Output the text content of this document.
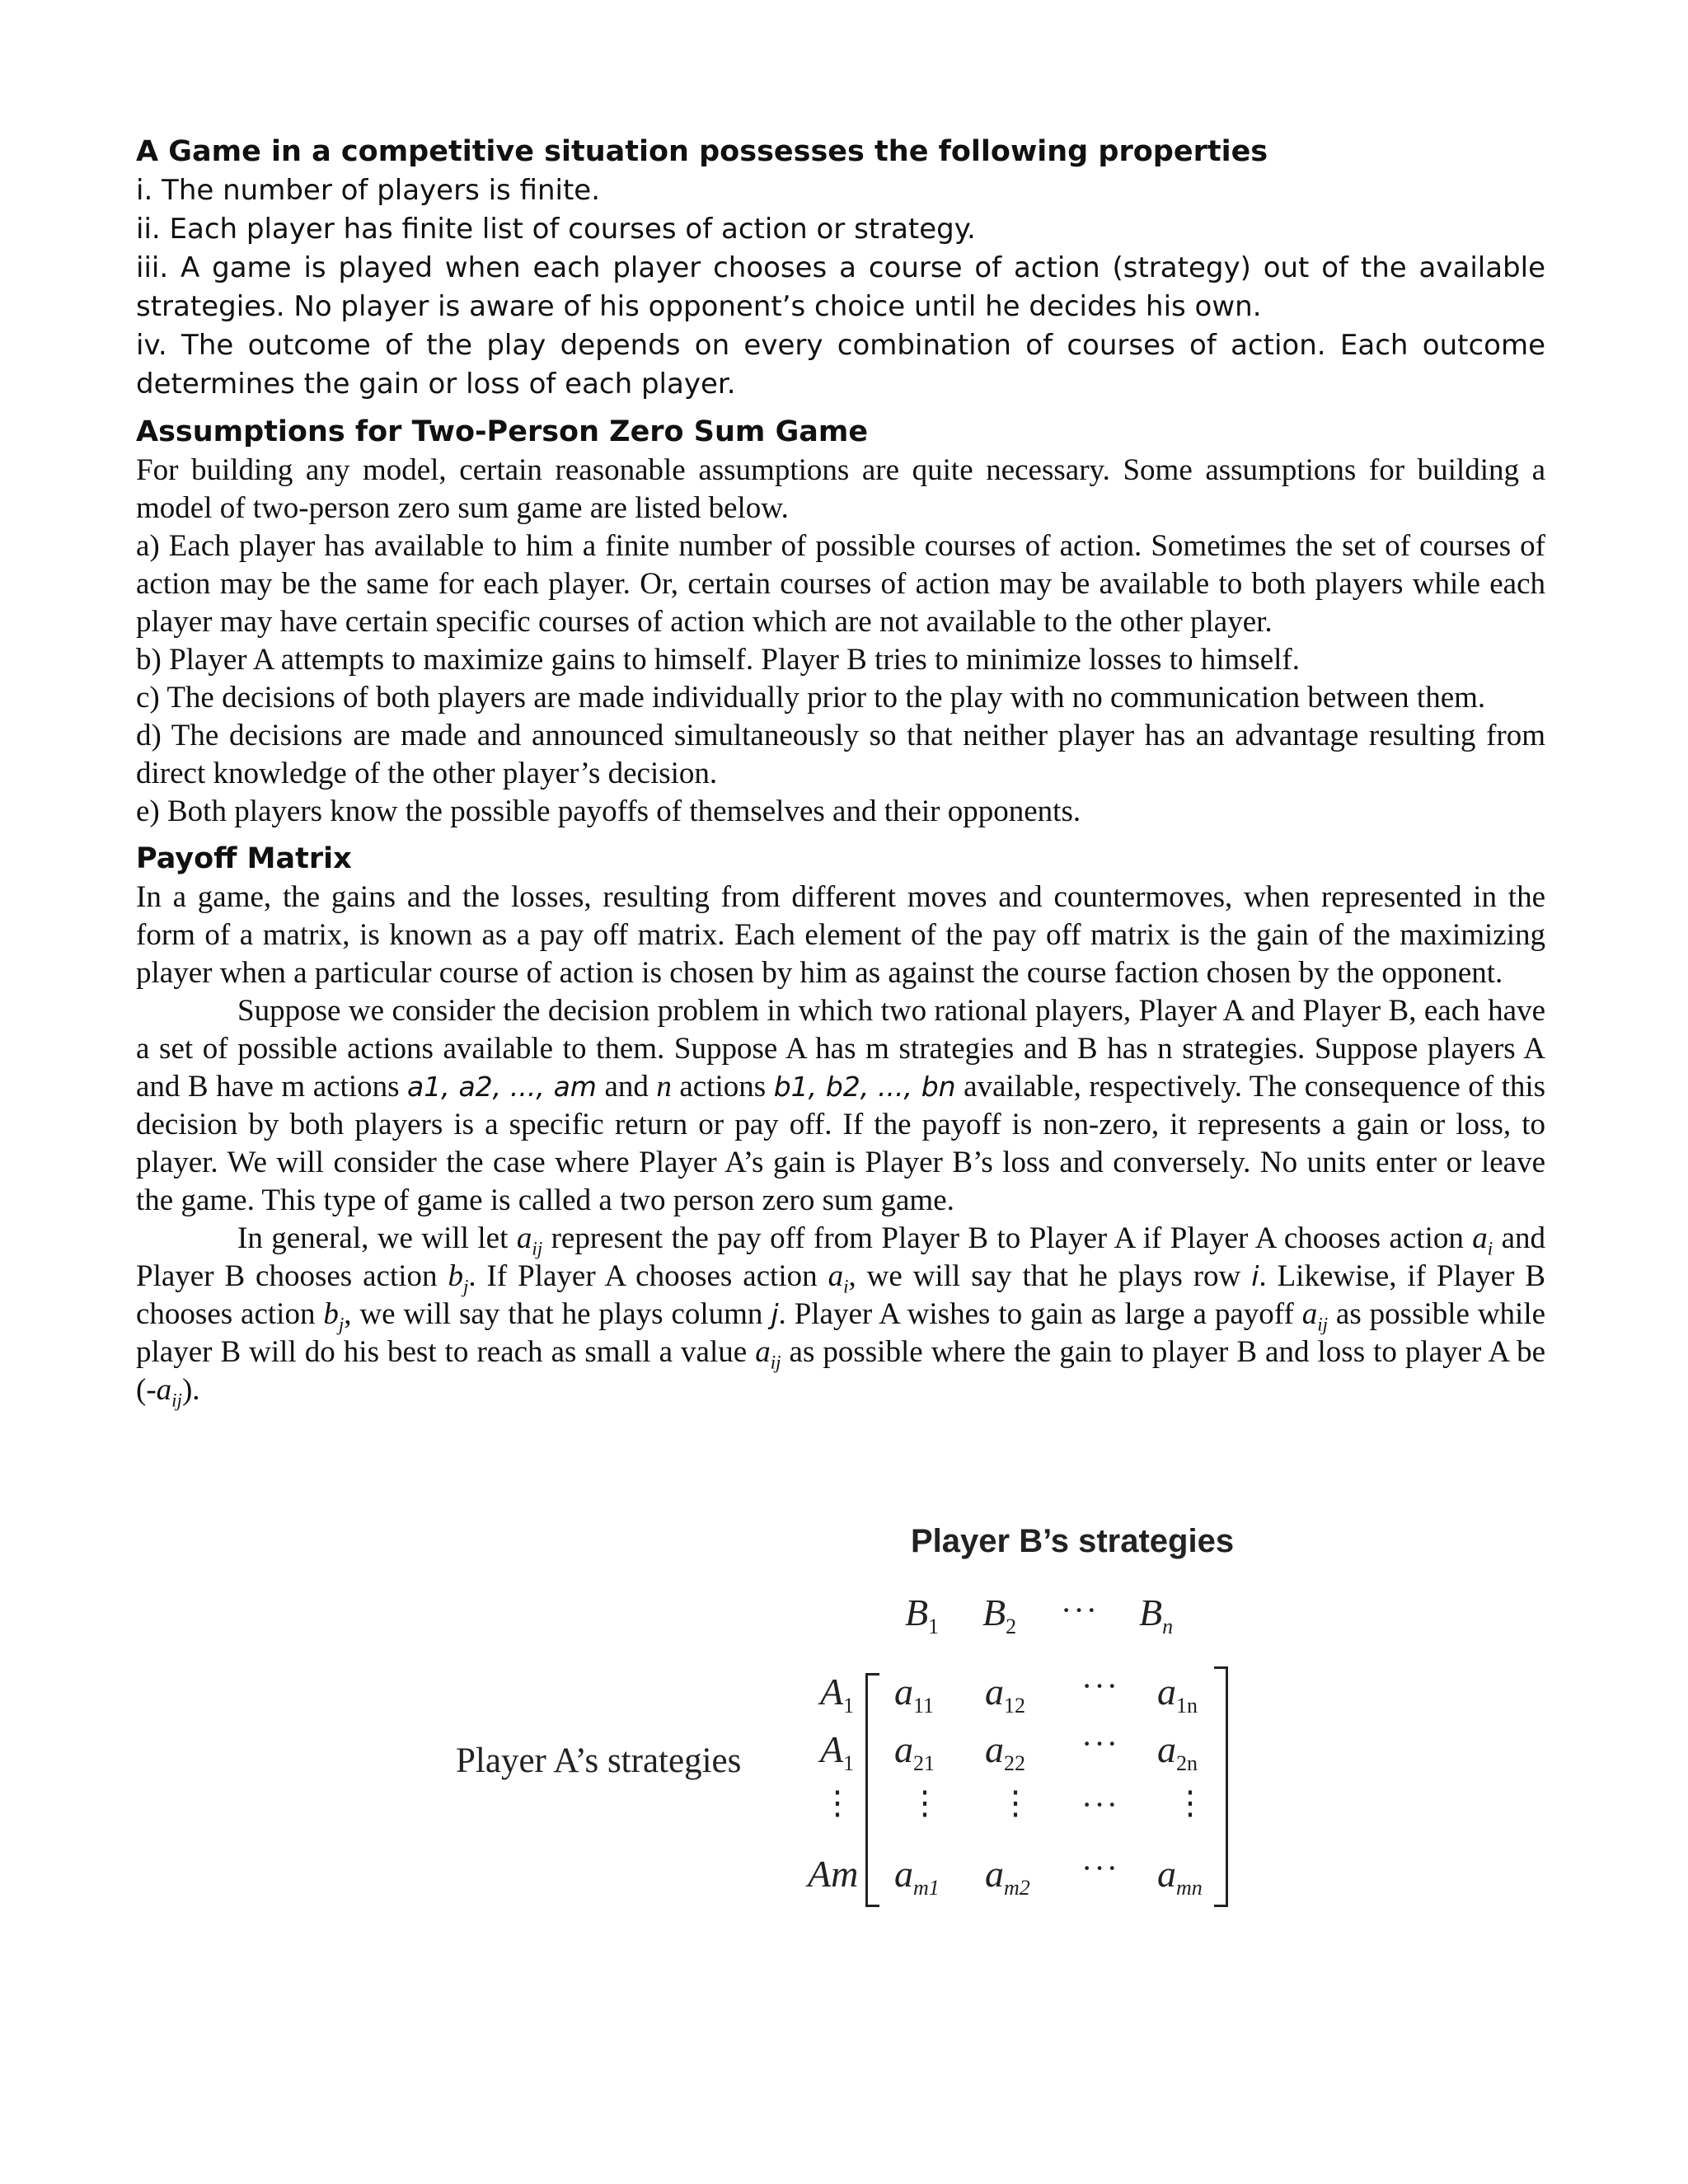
A Game in a competitive situation possesses the following properties

i. The number of players is finite.

ii. Each player has finite list of courses of action or strategy.

iii. A game is played when each player chooses a course of action (strategy) out of the available strategies. No player is aware of his opponent’s choice until he decides his own.

iv. The outcome of the play depends on every combination of courses of action. Each outcome determines the gain or loss of each player.

Assumptions for Two-Person Zero Sum Game

For building any model, certain reasonable assumptions are quite necessary. Some assumptions for building a model of two-person zero sum game are listed below.

a) Each player has available to him a finite number of possible courses of action. Sometimes the set of courses of action may be the same for each player. Or, certain courses of action may be available to both players while each player may have certain specific courses of action which are not available to the other player.

b) Player A attempts to maximize gains to himself. Player B tries to minimize losses to himself.

c) The decisions of both players are made individually prior to the play with no communication between them.

d) The decisions are made and announced simultaneously so that neither player has an advantage resulting from direct knowledge of the other player’s decision.

e) Both players know the possible payoffs of themselves and their opponents.

Payoff Matrix

In a game, the gains and the losses, resulting from different moves and countermoves, when represented in the form of a matrix, is known as a pay off matrix. Each element of the pay off matrix is the gain of the maximizing player when a particular course of action is chosen by him as against the course faction chosen by the opponent.

Suppose we consider the decision problem in which two rational players, Player A and Player B, each have a set of possible actions available to them. Suppose A has m strategies and B has n strategies. Suppose players A and B have m actions a1, a2, ..., am and n actions b1, b2, ..., bn available, respectively. The consequence of this decision by both players is a specific return or pay off. If the payoff is non-zero, it represents a gain or loss, to player. We will consider the case where Player A’s gain is Player B’s loss and conversely. No units enter or leave the game. This type of game is called a two person zero sum game.

In general, we will let $a_{ij}$ represent the pay off from Player B to Player A if Player A chooses action $a_i$ and Player B chooses action $b_j$. If Player A chooses action $a_i$, we will say that he plays row i. Likewise, if Player B chooses action $b_j$, we will say that he plays column j. Player A wishes to gain as large a payoff $a_{ij}$ as possible while player B will do his best to reach as small a value $a_{ij}$ as possible where the gain to player B and loss to player A be $(-a_{ij})$.

Player B’s strategies
Player A’s strategies
$B_1$ $B_2$ ··· $B_n$
$A_1$
$A_1$
⋮
Am
$a_{11}$ $a_{12}$
··· $a_{1n}$
$a_{21}$ $a_{22}$
··· $a_{2n}$
⋮ ⋮ ··· ⋮
$a_{m1}$ $a_{m2}$
··· $a_{mn}$
